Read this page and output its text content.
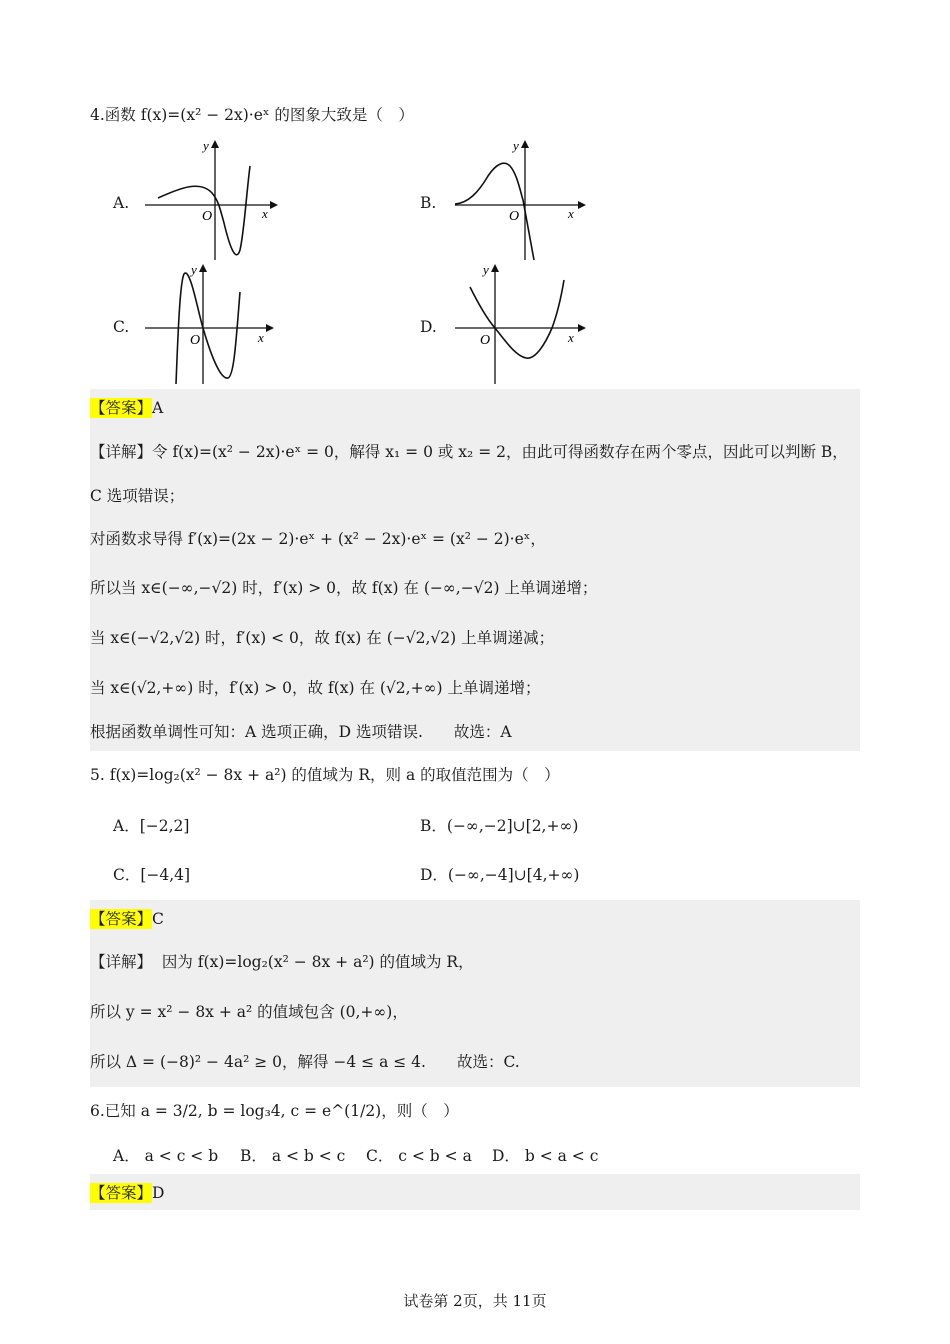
4.函数 f(x)=(x² − 2x)·eˣ 的图象大致是（　）
A.
y
x
O
B.
y
x
O
C.
y
x
O
D.
y
x
O
【答案】A
【详解】令 f(x)=(x² − 2x)·eˣ = 0，解得 x₁ = 0 或 x₂ = 2，由此可得函数存在两个零点，因此可以判断 B，
C 选项错误；
对函数求导得 f′(x)=(2x − 2)·eˣ + (x² − 2x)·eˣ = (x² − 2)·eˣ，
所以当 x∈(−∞,−√2) 时，f′(x) > 0，故 f(x) 在 (−∞,−√2) 上单调递增；
当 x∈(−√2,√2) 时，f′(x) < 0，故 f(x) 在 (−√2,√2) 上单调递减；
当 x∈(√2,+∞) 时，f′(x) > 0，故 f(x) 在 (√2,+∞) 上单调递增；
根据函数单调性可知：A 选项正确，D 选项错误.　　故选：A
5. f(x)=log₂(x² − 8x + a²) 的值域为 R，则 a 的取值范围为（　）
A．[−2,2]	B．(−∞,−2]∪[2,+∞)
C．[−4,4]	D．(−∞,−4]∪[4,+∞)
【答案】C
【详解】 因为 f(x)=log₂(x² − 8x + a²) 的值域为 R，
所以 y = x² − 8x + a² 的值域包含 (0,+∞)，
所以 Δ = (−8)² − 4a² ≥ 0，解得 −4 ≤ a ≤ 4.　　故选：C.
6.已知 a = 3/2, b = log₃4, c = e^(1/2)，则（　）
A． a < c < b B． a < b < c C． c < b < a D． b < a < c
【答案】D
试卷第 2页，共 11页
